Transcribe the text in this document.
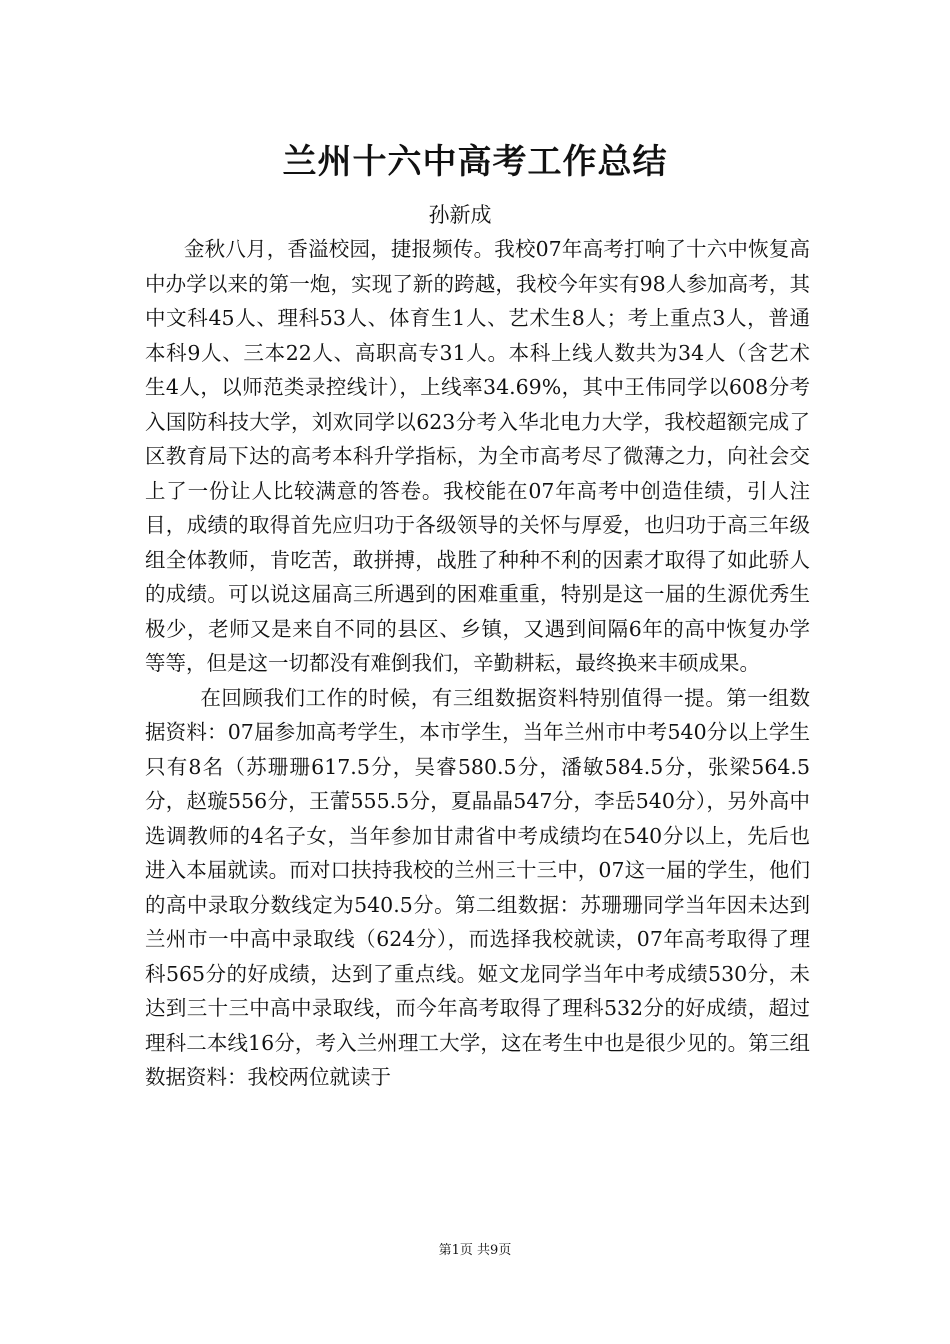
兰州十六中高考工作总结
孙新成

金秋八月，香溢校园，捷报频传。我校07年高考打响了十六中恢复高中办学以来的第一炮，实现了新的跨越，我校今年实有98人参加高考，其中文科45人、理科53人、体育生1人、艺术生8人；考上重点3人，普通本科9人、三本22人、高职高专31人。本科上线人数共为34人（含艺术生4人，以师范类录控线计），上线率34.69%，其中王伟同学以608分考入国防科技大学，刘欢同学以623分考入华北电力大学，我校超额完成了区教育局下达的高考本科升学指标，为全市高考尽了微薄之力，向社会交上了一份让人比较满意的答卷。我校能在07年高考中创造佳绩，引人注目，成绩的取得首先应归功于各级领导的关怀与厚爱，也归功于高三年级组全体教师，肯吃苦，敢拼搏，战胜了种种不利的因素才取得了如此骄人的成绩。可以说这届高三所遇到的困难重重，特别是这一届的生源优秀生极少，老师又是来自不同的县区、乡镇，又遇到间隔6年的高中恢复办学等等，但是这一切都没有难倒我们，辛勤耕耘，最终换来丰硕成果。

在回顾我们工作的时候，有三组数据资料特别值得一提。第一组数据资料：07届参加高考学生，本市学生，当年兰州市中考540分以上学生只有8名（苏珊珊617.5分，吴睿580.5分，潘敏584.5分，张梁564.5分，赵璇556分，王蕾555.5分，夏晶晶547分，李岳540分），另外高中选调教师的4名子女，当年参加甘肃省中考成绩均在540分以上，先后也进入本届就读。而对口扶持我校的兰州三十三中，07这一届的学生，他们的高中录取分数线定为540.5分。第二组数据：苏珊珊同学当年因未达到兰州市一中高中录取线（624分），而选择我校就读，07年高考取得了理科565分的好成绩，达到了重点线。姬文龙同学当年中考成绩530分，未达到三十三中高中录取线，而今年高考取得了理科532分的好成绩，超过理科二本线16分，考入兰州理工大学，这在考生中也是很少见的。第三组数据资料：我校两位就读于

第1页 共9页
